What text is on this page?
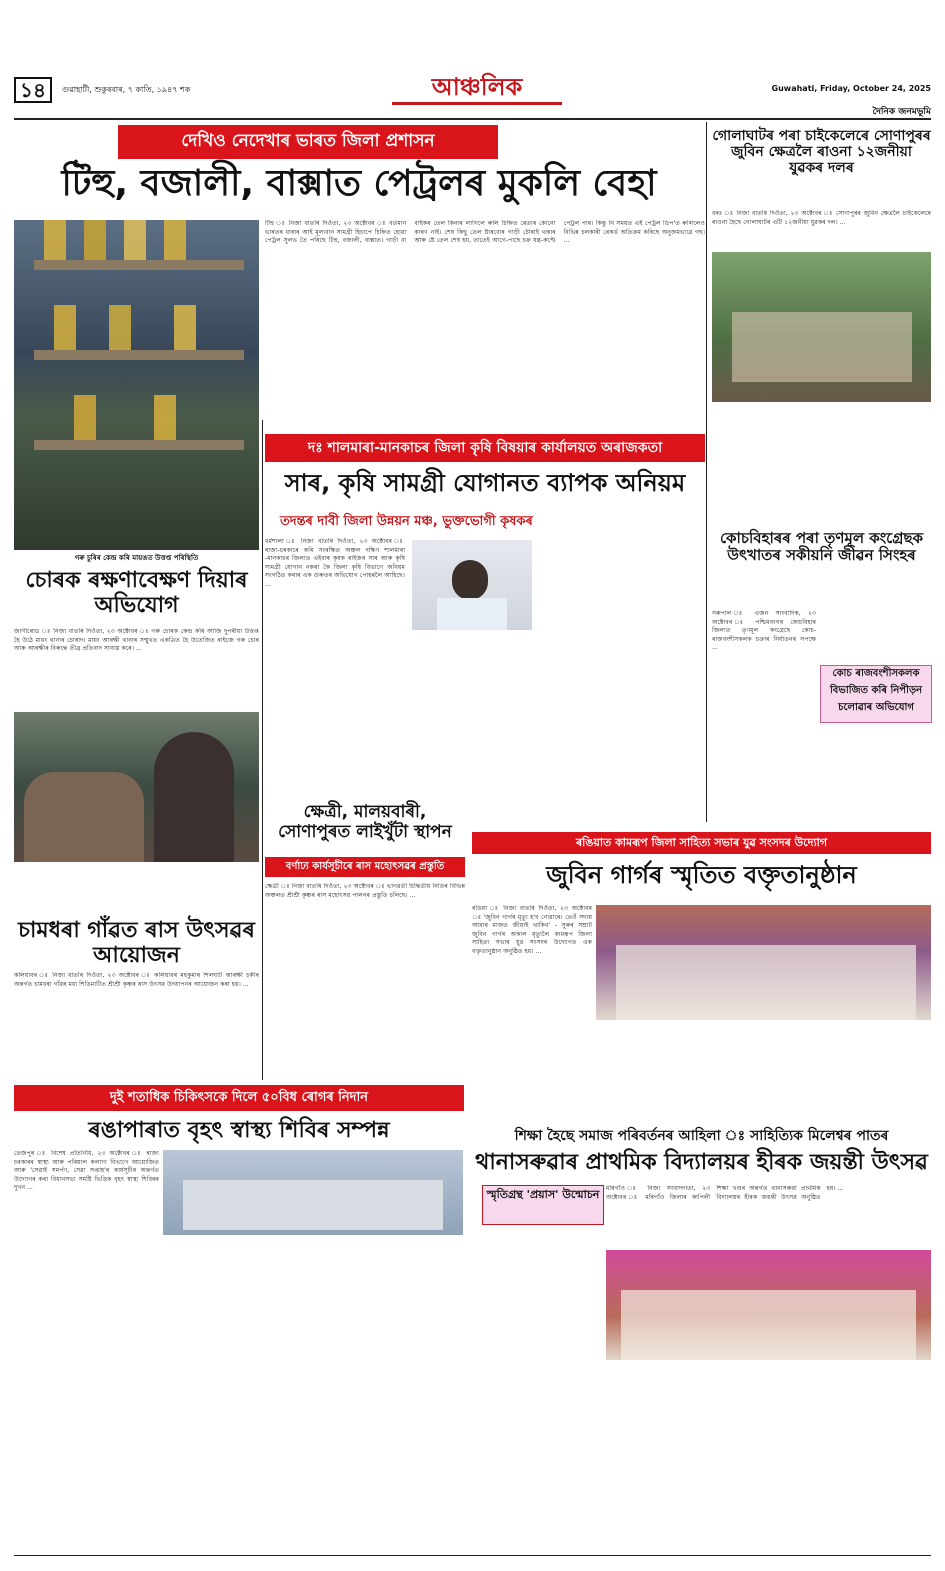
১৪	গুৱাহাটী, শুকুৰবাৰ, ৭ কাতি, ১৯৪৭ শক	আঞ্চলিক	Guwahati, Friday, October 24, 2025
দৈনিক জনমভূমি
দেখিও নেদেখাৰ ভাৰত জিলা প্ৰশাসন
টিহু, বজালী, বাক্সাত পেট্ৰলৰ মুকলি বেহা
টিহু ঃ নিজা বাতৰি দিওঁতা, ২৩ অক্টোবৰ ঃ বৰ্তমান ভাৰতৰ ধাৰাৰ আই মূল্যবান সামগ্ৰী হিচাপে চিহ্নিত হোৱা পেট্ৰল সুলভ তৈ পৰিছে টিহু, বজালী, বাক্সাত। গাড়ী বা বাইকৰ তেল কিনাৰ লাগিলে ৰুলি চিহ্নিত ৰেতাৰ কোনো কাৰণ নাই। শেষ কিছু তেল ষ্টাৰবোৰ গাড়ী চৌৰাই থকাৰ আৰু ষ্টে তেল শেষ হয়, তাতেই আগে-পাছে চক্র যন্ত্ৰ-কপ্টে পেট্ৰল পাৰ। কিন্তু নি সময়ত এই পেট্ৰল ডিপ'ত ৰুলিলেও বিভিন্ন চলকাৰী ৰেকৰ্ড অতিক্ৰম কৰিছে অনুজমভাৱে গছ। ...
গৰু চুৰিৰ কেন্দ্ৰ কৰি মায়ঙত উত্তপ্ত পৰিস্থিতি
চোৰক ৰক্ষণাবেক্ষণ দিয়াৰ অভিযোগ
জাগীৰোড ঃ নিজা বাতৰি দিওঁতা, ২৩ অক্টোবৰ ঃ গৰু চোৰক কেন্দ্ৰ কৰি আজি দুপৰীয়া উত্তপ্ত হৈ উঠে মায়ং থানাৰ চোৰাদ। মায়ং আৰক্ষী থানাৰ সম্মুখত একত্ৰিত হৈ উতেজিত ৰাইজে গৰু চোৰ আৰু আৰক্ষীৰ বিৰুদ্ধে তীব্ৰ প্ৰতিবাদ সাব্যস্ত কৰে। ...
দঃ শালমাৰা-মানকাচৰ জিলা কৃষি বিষয়াৰ কাৰ্যালয়ত অৰাজকতা
সাৰ, কৃষি সামগ্ৰী যোগানত ব্যাপক অনিয়ম
তদন্তৰ দাবী জিলা উন্নয়ন মঞ্চ, ভুক্তভোগী কৃষকৰ
ধৰ্মশালা ঃ নিজা বাতৰি দিওঁতা, ২৩ অক্টোবৰ ঃ ৰাজ্য-চৰকাৰে কৰি সংৰক্ষিত অঞ্চল দক্ষিণ শালমাৰা -মানকাচৰ জিলাত এইবাৰ কৃষক ৰাইজৰ সাৰ আৰু কৃষি সামগ্ৰী যোগান নকৰা কৈ জিলা কৃষি বিভাগে অনিয়ম সংগঠিত কৰাৰ এক গুৰুতৰ অভিযোগ পোহৰলৈ আহিছে। ...
ক্ষেত্ৰী, মালয়বাৰী, সোণাপুৰত লাইখুঁটা স্থাপন
বৰ্ণাঢ্য কাৰ্যসূচীৰে ৰাস মহোৎসৱৰ প্ৰস্তুতি
ক্ষেত্ৰী ঃ নিজা বাতৰি দিওঁতা, ২৩ অক্টোবৰ ঃ ভাগৱতী চিদ্ধিতীয় নিতিৰ বিভিন্ন অঞ্চলত শ্ৰীশ্ৰী কৃষ্ণৰ ৰাস মহোৎসৱ পালনৰ প্ৰস্তুতি চলিছে। ...
চামধৰা গাঁৱত ৰাস উৎসৱৰ আয়োজন
কলিয়াবৰ ঃ নিজা বাতৰি দিওঁতা, ২৩ অক্টোবৰ ঃ কলিয়াবৰ মহকুমাৰ শিলঘাট আৰক্ষী চকীৰ অন্তৰ্গত চামধৰা গাঁৱৰ মধ্য শিঙিমাটিত শ্ৰীশ্ৰী কৃষ্ণৰ ৰাস উৎসৱ উদযাপনৰ আয়োজন কৰা হয়। ...
দুই শতাধিক চিকিৎসকে দিলে ৫০বিধ ৰোগৰ নিদান
ৰঙাপাৰাত বৃহৎ স্বাস্থ্য শিবিৰ সম্পন্ন
তেজপুৰ ঃ বিশেষ প্ৰতিনিধি, ২৩ অক্টোবৰ ঃ ৰাজ্য চৰকাৰৰ স্বাস্থ্য আৰু পৰিয়াল কল্যাণ বিভাগে আয়োজিত আৰু 'সেৱাই সমৰ্পণ, সেৱা সপ্তাহ'ৰ কাৰ্যসূচীৰ অন্তৰ্গত উদ্যোগৰ কৰা বিধানসভা সমষ্টি ভিত্তিক বৃহৎ স্বাস্থ্য শিবিৰৰ দুখন ...
গোলাঘাটৰ পৰা চাইকেলেৰে সোণাপুৰৰ জুবিন ক্ষেত্ৰলৈ ৰাওনা ১২জনীয়া যুৱকৰ দলৰ
বৰঃ ঃ নিজা বাতৰি দিওঁতা, ২৩ অক্টোবৰ ঃ সোণাপুৰৰ জুবিন ক্ষেত্ৰলৈ চাইকেলেৰে ৰাওনা হৈছে গোলাঘাটৰ এটি ১২জনীয়া যুৱকৰ দল। ...
কোচবিহাৰৰ পৰা তৃণমূল কংগ্ৰেছক উৎখাতৰ সকীয়নি জীৱন সিংহৰ
কোচ ৰাজবংশীসকলক বিভাজিত কৰি নিপীড়ন চলোৱাৰ অভিযোগ
সৰুপাল ঃ এজন সাংবাদিক, ২৩ অক্টোবৰ ঃ পশ্চিমবংগৰ কোচবিহাৰ জিলাত তৃণমূল কংগ্ৰেছে কোচ-ৰাজবংশীসকলক চক্ৰাৰ নিৰ্যাতনৰ সপক্ষে ...
ৰঙিয়াত কামৰূপ জিলা সাহিত্য সভাৰ যুৱ সংসদৰ উদ্যোগ
জুবিন গাৰ্গৰ স্মৃতিত বক্তৃতানুষ্ঠান
ৰঙিয়া ঃ নিজা বাতৰি দিওঁতা, ২৩ অক্টোবৰ ঃ 'জুবিন গাৰ্গৰ মৃত্যু হ'ব নোৱাৰে। তেওঁ সদায় আমাৰ মাজত জীয়াই থাকিব' - সুৰুৰ সম্ৰাট জুবিন গাৰ্গৰ অকাল মৃত্যুলৈ কামৰূপ জিলা সাহিত্য সভাৰ যুৱ সংসদৰ উদ্যোগত এক বক্তৃতানুষ্ঠান অনুষ্ঠিত হয়। ...
শিক্ষা হৈছে সমাজ পৰিবৰ্তনৰ আহিলা ঃ সাহিত্যিক মিলেশ্বৰ পাতৰ
থানাসৰুৱাৰ প্ৰাথমিক বিদ্যালয়ৰ হীৰক জয়ন্তী উৎসৱ
স্মৃতিগ্ৰন্থ 'প্ৰয়াস' উন্মোচন	মৰিগাঁও ঃ নিজা সংবাদদাতা, ২৩ অক্টোবৰ ঃ মৰিগাঁও জিলাৰ কাপিলী শিক্ষা খণ্ডৰ অন্তৰ্গত থানাসৰুৱা প্ৰাথমিক বিদ্যালয়ৰ হীৰক জয়ন্তী উৎসৱ অনুষ্ঠিত হয়। ...
